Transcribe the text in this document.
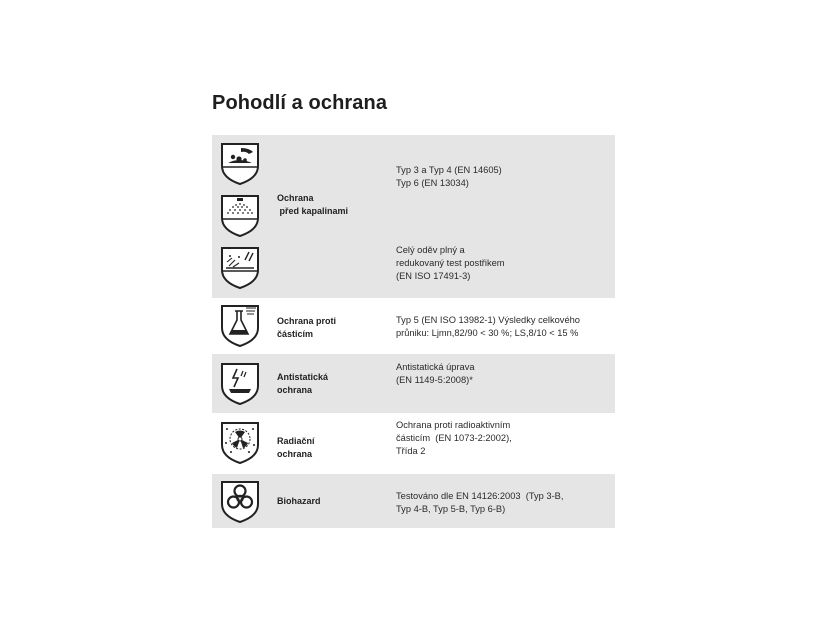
Pohodlí a ochrana
Ochrana
před kapalinami
Typ 3 a Typ 4 (EN 14605)
Typ 6 (EN 13034)
Celý oděv plný a
redukovaný test postřikem
(EN ISO 17491-3)
Ochrana proti
částicím
Typ 5 (EN ISO 13982-1) Výsledky celkového
průniku: Ljmn,82/90 < 30 %; LS,8/10 < 15 %
Antistatická
ochrana
Antistatická úprava
(EN 1149-5:2008)*
Radiační
ochrana
Ochrana proti radioaktivním
částicím  (EN 1073-2:2002),
Třída 2
Biohazard	Testováno dle EN 14126:2003  (Typ 3-B,
Typ 4-B, Typ 5-B, Typ 6-B)
